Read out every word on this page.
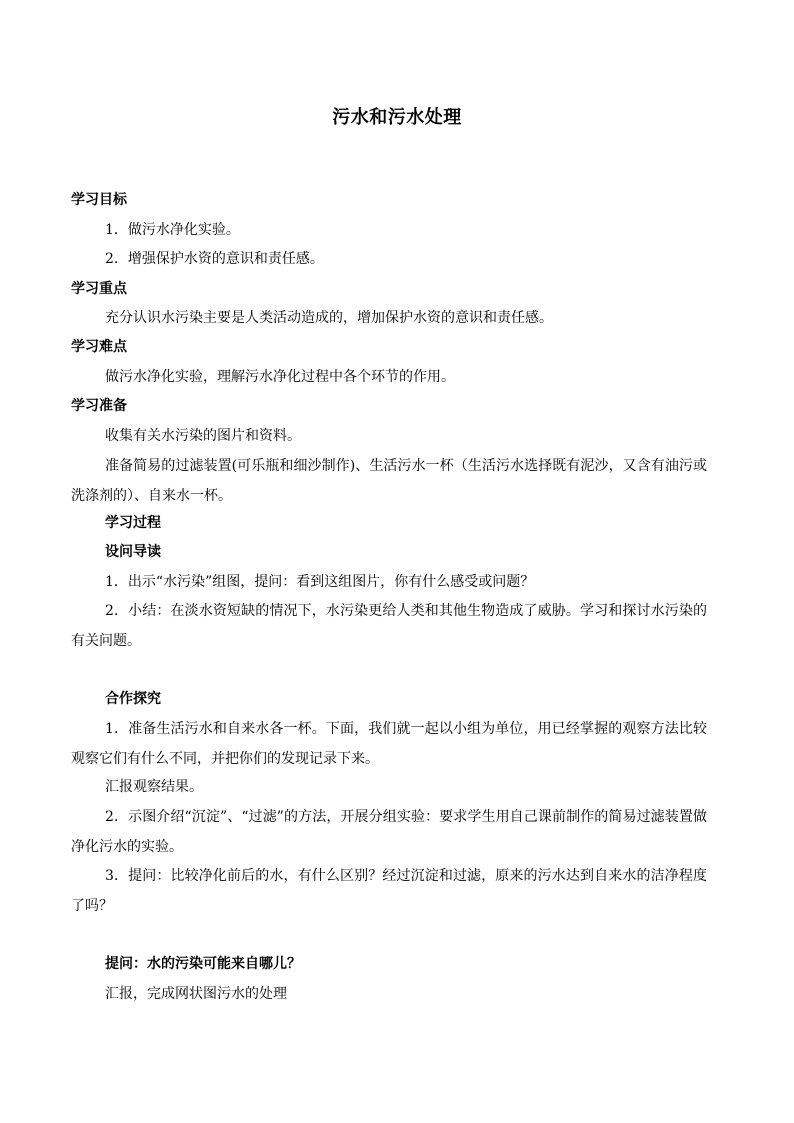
污水和污水处理
学习目标
1．做污水净化实验。
2．增强保护水资的意识和责任感。
学习重点
充分认识水污染主要是人类活动造成的，增加保护水资的意识和责任感。
学习难点
做污水净化实验，理解污水净化过程中各个环节的作用。
学习准备
收集有关水污染的图片和资料。
准备简易的过滤装置(可乐瓶和细沙制作)、生活污水一杯（生活污水选择既有泥沙，又含有油污或洗涤剂的）、自来水一杯。
学习过程
设问导读
1．出示“水污染”组图，提问：看到这组图片，你有什么感受或问题？
2．小结：在淡水资短缺的情况下，水污染更给人类和其他生物造成了威胁。学习和探讨水污染的有关问题。
合作探究
1．准备生活污水和自来水各一杯。下面，我们就一起以小组为单位，用已经掌握的观察方法比较观察它们有什么不同，并把你们的发现记录下来。
汇报观察结果。
2．示图介绍“沉淀”、“过滤”的方法，开展分组实验：要求学生用自己课前制作的简易过滤装置做净化污水的实验。
3．提问：比较净化前后的水，有什么区别？经过沉淀和过滤，原来的污水达到自来水的洁净程度了吗？
提问：水的污染可能来自哪儿？
汇报，完成网状图污水的处理
